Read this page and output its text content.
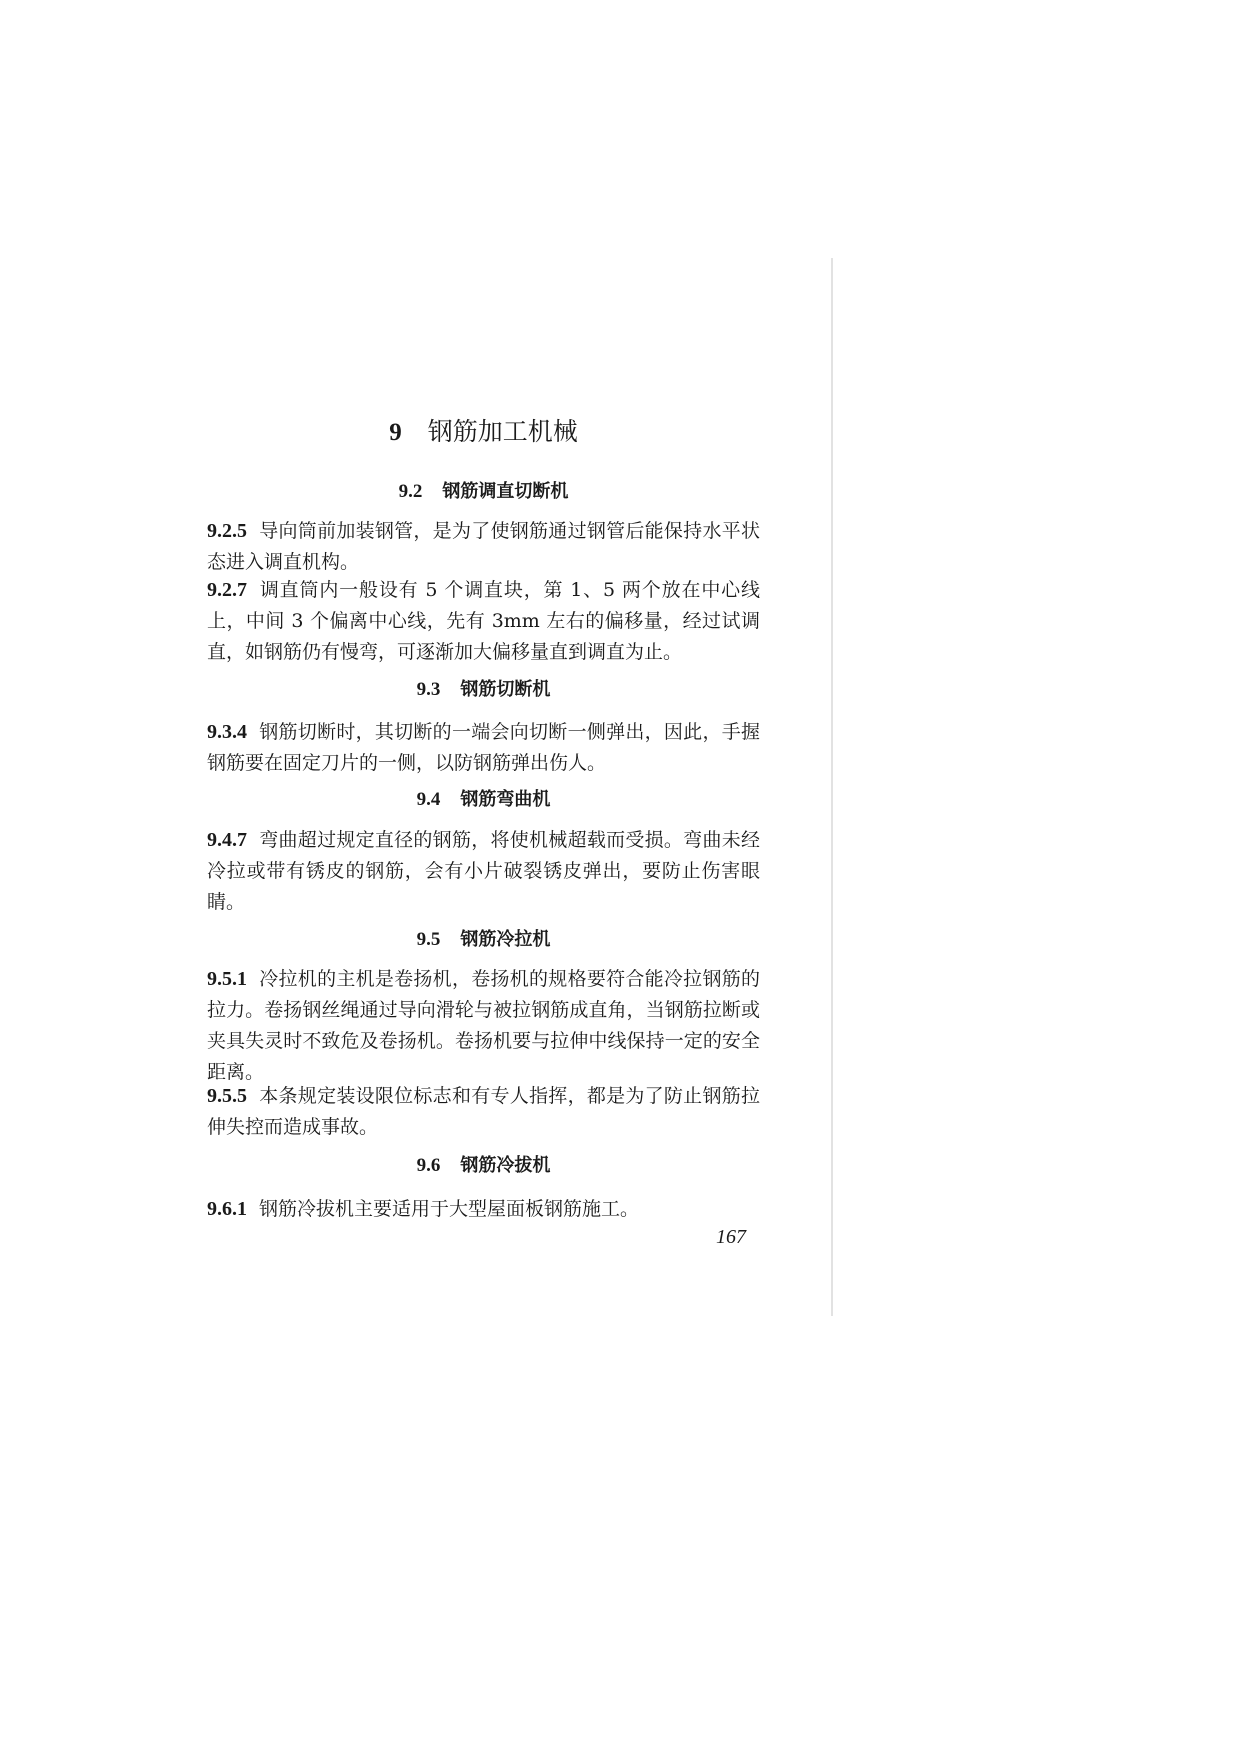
9 钢筋加工机械
9.2 钢筋调直切断机
9.2.5 导向筒前加装钢管，是为了使钢筋通过钢管后能保持水平状态进入调直机构。
9.2.7 调直筒内一般设有 5 个调直块，第 1、5 两个放在中心线上，中间 3 个偏离中心线，先有 3mm 左右的偏移量，经过试调直，如钢筋仍有慢弯，可逐渐加大偏移量直到调直为止。
9.3 钢筋切断机
9.3.4 钢筋切断时，其切断的一端会向切断一侧弹出，因此，手握钢筋要在固定刀片的一侧，以防钢筋弹出伤人。
9.4 钢筋弯曲机
9.4.7 弯曲超过规定直径的钢筋，将使机械超载而受损。弯曲未经冷拉或带有锈皮的钢筋，会有小片破裂锈皮弹出，要防止伤害眼睛。
9.5 钢筋冷拉机
9.5.1 冷拉机的主机是卷扬机，卷扬机的规格要符合能冷拉钢筋的拉力。卷扬钢丝绳通过导向滑轮与被拉钢筋成直角，当钢筋拉断或夹具失灵时不致危及卷扬机。卷扬机要与拉伸中线保持一定的安全距离。
9.5.5 本条规定装设限位标志和有专人指挥，都是为了防止钢筋拉伸失控而造成事故。
9.6 钢筋冷拔机
9.6.1 钢筋冷拔机主要适用于大型屋面板钢筋施工。
167
